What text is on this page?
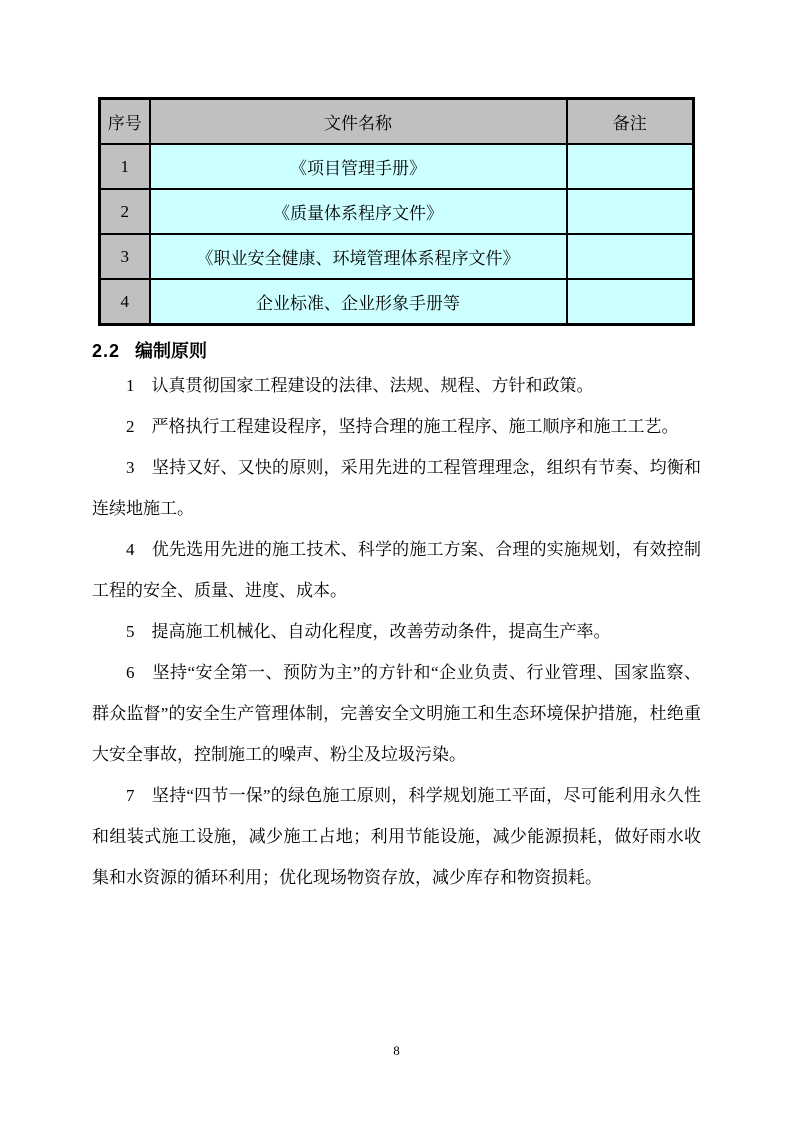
序号	文件名称	备注
1	《项目管理手册》	
2	《质量体系程序文件》	
3	《职业安全健康、环境管理体系程序文件》	
4	企业标准、企业形象手册等	
2.2 编制原则

1　认真贯彻国家工程建设的法律、法规、规程、方针和政策。

2　严格执行工程建设程序，坚持合理的施工程序、施工顺序和施工工艺。

3　坚持又好、又快的原则，采用先进的工程管理理念，组织有节奏、均衡和连续地施工。

4　优先选用先进的施工技术、科学的施工方案、合理的实施规划，有效控制工程的安全、质量、进度、成本。

5　提高施工机械化、自动化程度，改善劳动条件，提高生产率。

6　坚持“安全第一、预防为主”的方针和“企业负责、行业管理、国家监察、群众监督”的安全生产管理体制，完善安全文明施工和生态环境保护措施，杜绝重大安全事故，控制施工的噪声、粉尘及垃圾污染。

7　坚持“四节一保”的绿色施工原则，科学规划施工平面，尽可能利用永久性和组装式施工设施，减少施工占地；利用节能设施，减少能源损耗，做好雨水收集和水资源的循环利用；优化现场物资存放，减少库存和物资损耗。

8
